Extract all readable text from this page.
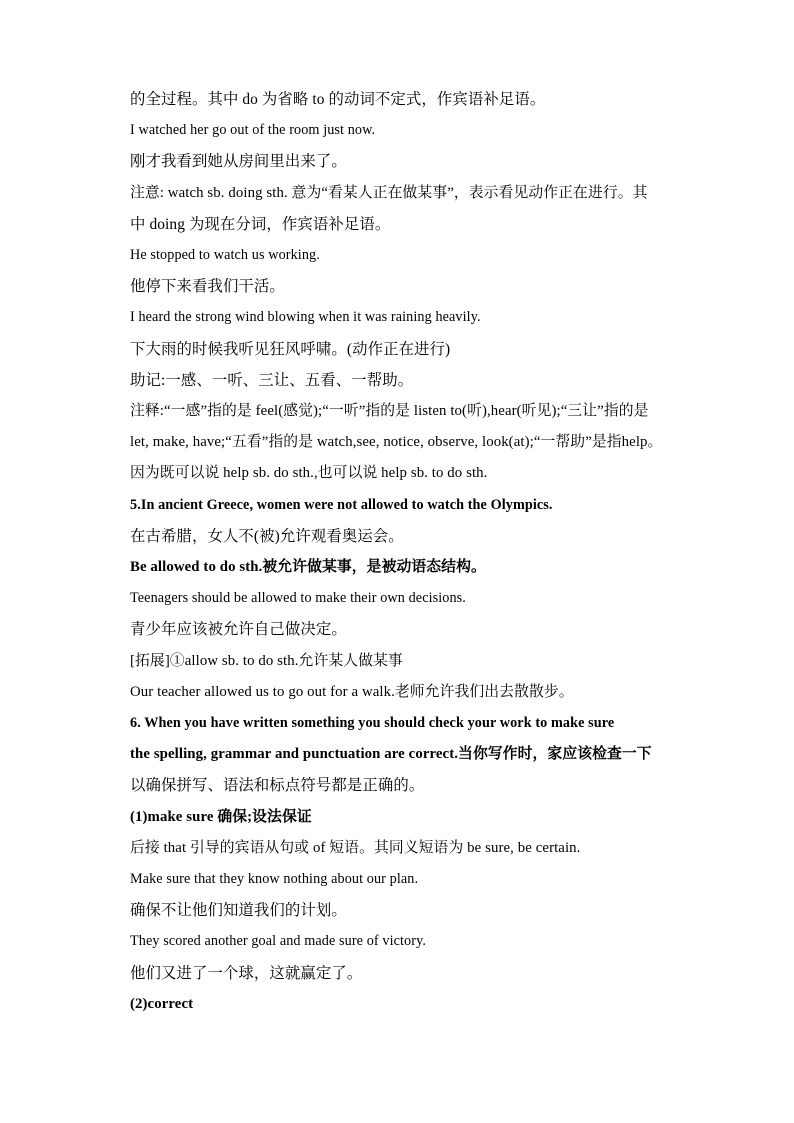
的全过程。其中 do 为省略 to 的动词不定式，作宾语补足语。
I watched her go out of the room just now.
刚才我看到她从房间里出来了。
注意: watch sb. doing sth. 意为“看某人正在做某事”，表示看见动作正在进行。其
中 doing 为现在分词，作宾语补足语。
He stopped to watch us working.
他停下来看我们干活。
I heard the strong wind blowing when it was raining heavily.
下大雨的时候我听见狂风呼啸。(动作正在进行)
助记:一感、一听、三让、五看、一帮助。
注释:“一感”指的是 feel(感觉);“一听”指的是 listen to(听),hear(听见);“三让”指的是
let, make, have;“五看”指的是 watch,see, notice, observe, look(at);“一帮助”是指help。
因为既可以说 help sb. do sth.,也可以说 help sb. to do sth.
5.In ancient Greece, women were not allowed to watch the Olympics.
在古希腊，女人不(被)允许观看奥运会。
Be allowed to do sth.被允许做某事，是被动语态结构。
Teenagers should be allowed to make their own decisions.
青少年应该被允许自己做决定。
[拓展]①allow sb. to do sth.允许某人做某事
Our teacher allowed us to go out for a walk.老师允许我们出去散散步。
6. When you have written something you should check your work to make sure
the spelling, grammar and punctuation are correct.当你写作时，家应该检查一下
以确保拼写、语法和标点符号都是正确的。
(1)make sure 确保;设法保证
后接 that 引导的宾语从句或 of 短语。其同义短语为 be sure, be certain.
Make sure that they know nothing about our plan.
确保不让他们知道我们的计划。
They scored another goal and made sure of victory.
他们又进了一个球，这就赢定了。
(2)correct
